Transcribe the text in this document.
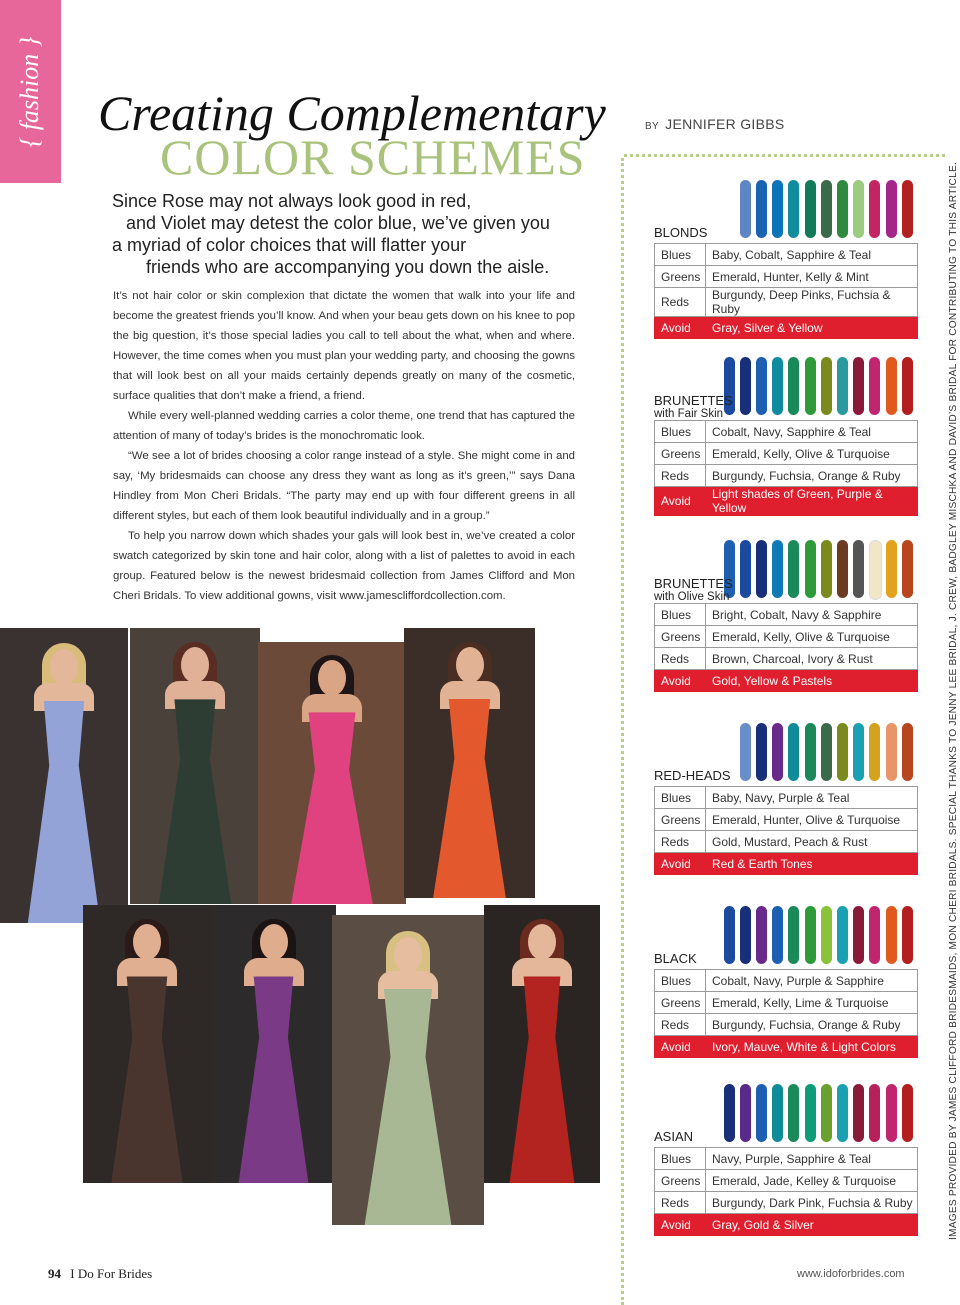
{ fashion } Creating Complementary
COLOR SCHEMES
BY JENNIFER GIBBS
Since Rose may not always look good in red,
and Violet may detest the color blue, we’ve given you
a myriad of color choices that will flatter your
friends who are accompanying you down the aisle.

It’s not hair color or skin complexion that dictate the women that walk into your life and become the greatest friends you’ll know. And when your beau gets down on his knee to pop the big question, it’s those special ladies you call to tell about the what, when and where. However, the time comes when you must plan your wedding party, and choosing the gowns that will look best on all your maids certainly depends greatly on many of the cosmetic, surface qualities that don’t make a friend, a friend.

While every well-planned wedding carries a color theme, one trend that has captured the attention of many of today’s brides is the monochromatic look.

“We see a lot of brides choosing a color range instead of a style. She might come in and say, ‘My bridesmaids can choose any dress they want as long as it’s green,’” says Dana Hindley from Mon Cheri Bridals. “The party may end up with four different greens in all different styles, but each of them look beautiful individually and in a group.”

To help you narrow down which shades your gals will look best in, we’ve created a color swatch categorized by skin tone and hair color, along with a list of palettes to avoid in each group. Featured below is the newest bridesmaid collection from James Clifford and Mon Cheri Bridals. To view additional gowns, visit www.jamescliffordcollection.com.

BLONDS
Blues	Baby, Cobalt, Sapphire & Teal
Greens	Emerald, Hunter, Kelly & Mint
Reds	Burgundy, Deep Pinks, Fuchsia & Ruby
Avoid	Gray, Silver & Yellow
BRUNETTES
with Fair Skin
Blues	Cobalt, Navy, Sapphire & Teal
Greens	Emerald, Kelly, Olive & Turquoise
Reds	Burgundy, Fuchsia, Orange & Ruby
Avoid	Light shades of Green, Purple & Yellow
BRUNETTES
with Olive Skin
Blues	Bright, Cobalt, Navy & Sapphire
Greens	Emerald, Kelly, Olive & Turquoise
Reds	Brown, Charcoal, Ivory & Rust
Avoid	Gold, Yellow & Pastels
RED-HEADS
Blues	Baby, Navy, Purple & Teal
Greens	Emerald, Hunter, Olive & Turquoise
Reds	Gold, Mustard, Peach & Rust
Avoid	Red & Earth Tones
BLACK
Blues	Cobalt, Navy, Purple & Sapphire
Greens	Emerald, Kelly, Lime & Turquoise
Reds	Burgundy, Fuchsia, Orange & Ruby
Avoid	Ivory, Mauve, White & Light Colors
ASIAN
Blues	Navy, Purple, Sapphire & Teal
Greens	Emerald, Jade, Kelley & Turquoise
Reds	Burgundy, Dark Pink, Fuchsia & Ruby
Avoid	Gray, Gold & Silver	IMAGES PROVIDED BY JAMES CLIFFORD BRIDESMAIDS, MON CHERI BRIDALS. SPECIAL THANKS TO JENNY LEE BRIDAL, J. CREW, BADGLEY MISCHKA AND DAVID’S BRIDAL FOR CONTRIBUTING TO THIS ARTICLE.
94 I Do For Brides	www.idoforbrides.com
